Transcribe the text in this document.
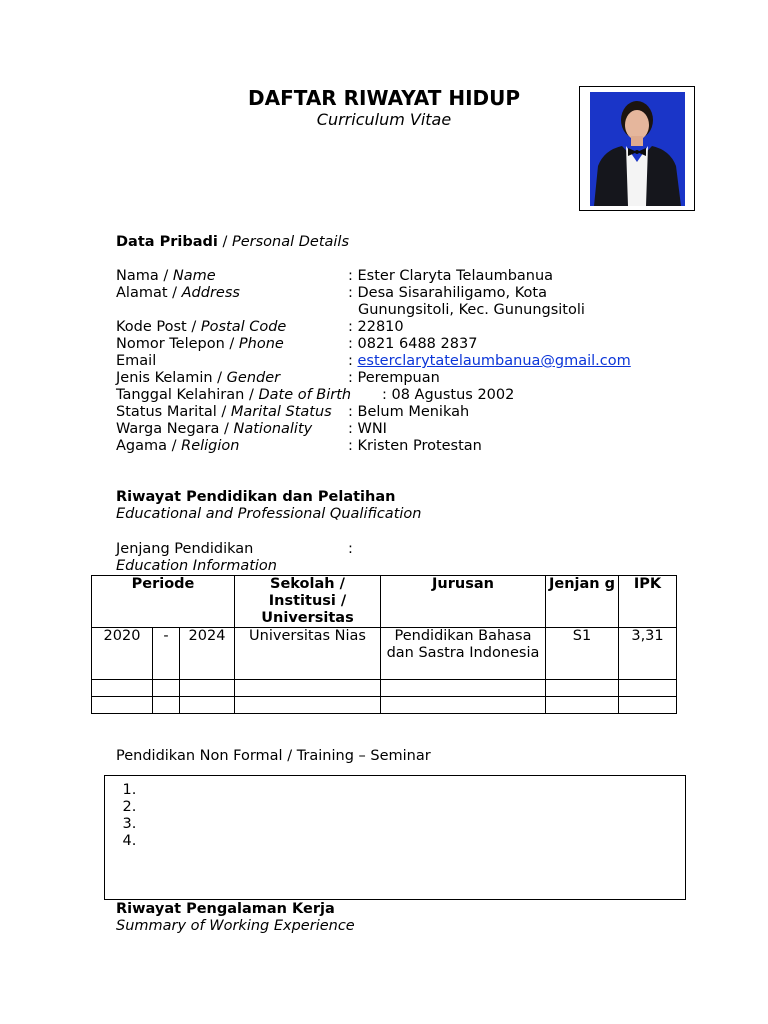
DAFTAR RIWAYAT HIDUP
Curriculum Vitae
Data Pribadi / Personal Details
Nama / Name	: Ester Claryta Telaumbanua
Alamat / Address	: Desa Sisarahiligamo, Kota
Gunungsitoli, Kec. Gunungsitoli
Kode Post / Postal Code	: 22810
Nomor Telepon / Phone	: 0821 6488 2837
Email	: esterclarytatelaumbanua@gmail.com
Jenis Kelamin / Gender	: Perempuan
Tanggal Kelahiran / Date of Birth : 08 Agustus 2002
Status Marital / Marital Status : Belum Menikah
Warga Negara / Nationality : WNI
Agama / Religion	: Kristen Protestan
Riwayat Pendidikan dan Pelatihan
Educational and Professional Qualification
Jenjang Pendidikan	:
Education Information
Periode			Sekolah / Institusi / Universitas	Jurusan	Jenjan g	IPK
2020	-	2024	Universitas Nias	Pendidikan Bahasa dan Sastra Indonesia	S1	3,31

Pendidikan Non Formal / Training – Seminar
1.
2.
3.
4.
Riwayat Pengalaman Kerja
Summary of Working Experience
